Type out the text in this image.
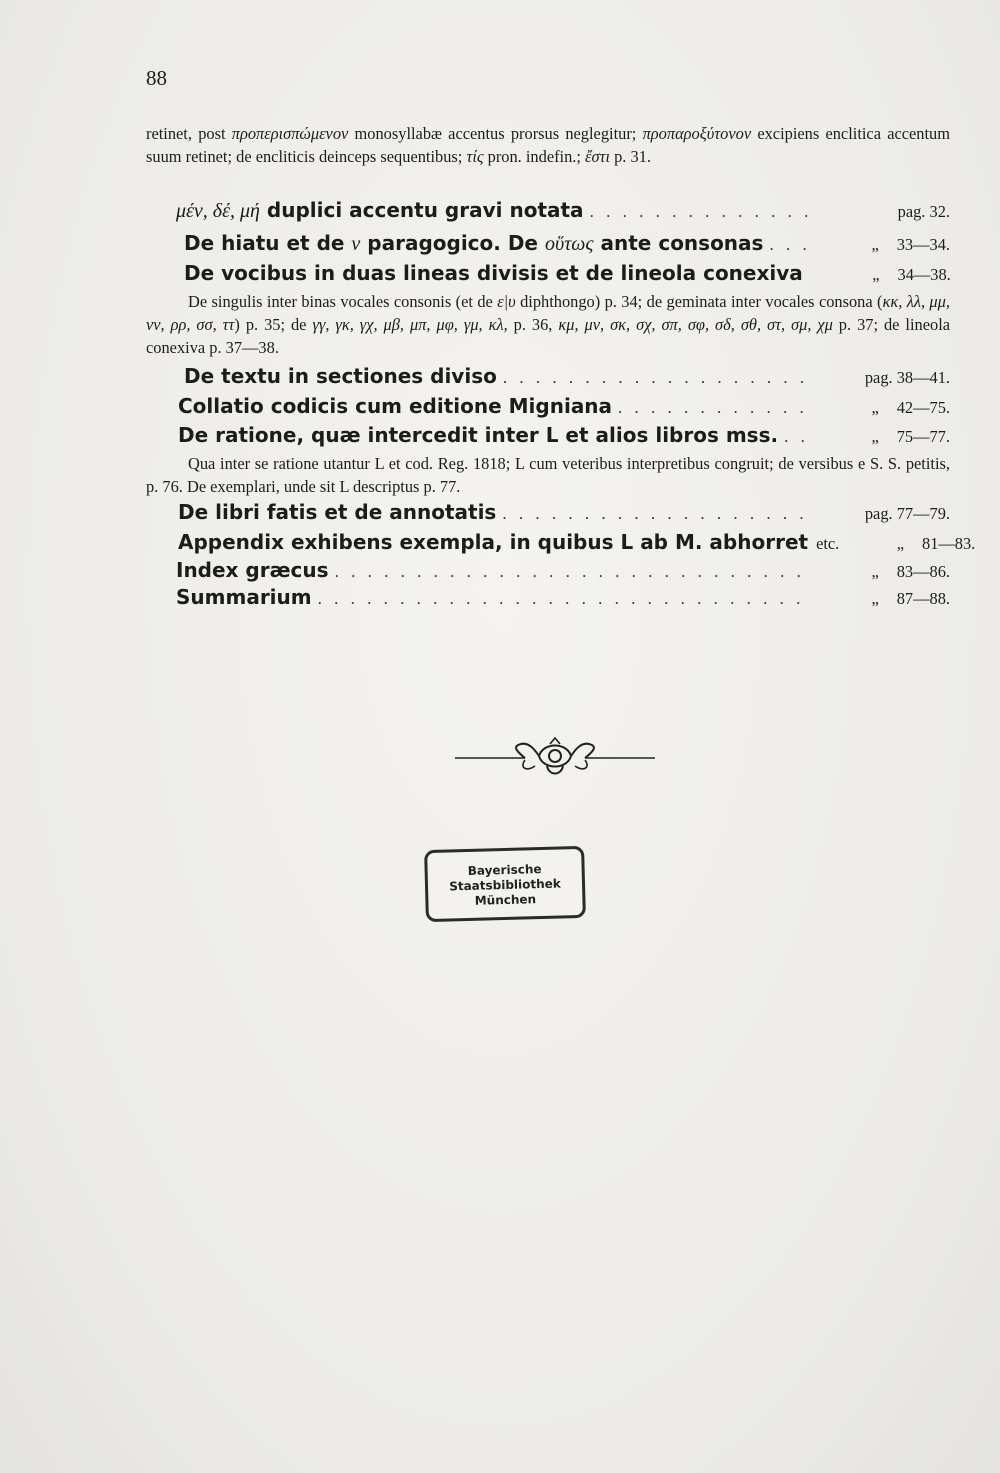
88
retinet, post προπερισπώμενον monosyllabæ accentus prorsus neglegitur; προπαροξύτονον excipiens enclitica accentum suum retinet; de encliticis deinceps sequentibus; τίς pron. indefin.; ἔστι p. 31.
μέν, δέ, μή duplici accentu gravi notata . . .	pag. 32.
De hiatu et de ν paragogico. De οὕτως ante consonas . . .	„ 33—34.
De vocibus in duas lineas divisis et de lineola conexiva	„ 34—38.
De singulis inter binas vocales consonis (et de ε|υ diphthongo) p. 34; de geminata inter vocales consona (κκ, λλ, μμ, νν, ρρ, σσ, ττ) p. 35; de γγ, γκ, γχ, μβ, μπ, μφ, γμ, κλ, p. 36, κμ, μν, σκ, σχ, σπ, σφ, σδ, σθ, στ, σμ, χμ p. 37; de lineola conexiva p. 37—38.
De textu in sectiones diviso . . .	pag. 38—41.
Collatio codicis cum editione Migniana . . .	„ 42—75.
De ratione, quæ intercedit inter L et alios libros mss. . . .	„ 75—77.
Qua inter se ratione utantur L et cod. Reg. 1818; L cum veteribus interpretibus congruit; de versibus e S. S. petitis, p. 76. De exemplari, unde sit L descriptus p. 77.
De libri fatis et de annotatis . . .	pag. 77—79.
Appendix exhibens exempla, in quibus L ab M. abhorret etc.	„ 81—83.
Index græcus . . .	„ 83—86.
Summarium . . .	„ 87—88.
Bayerische
Staatsbibliothek
München
